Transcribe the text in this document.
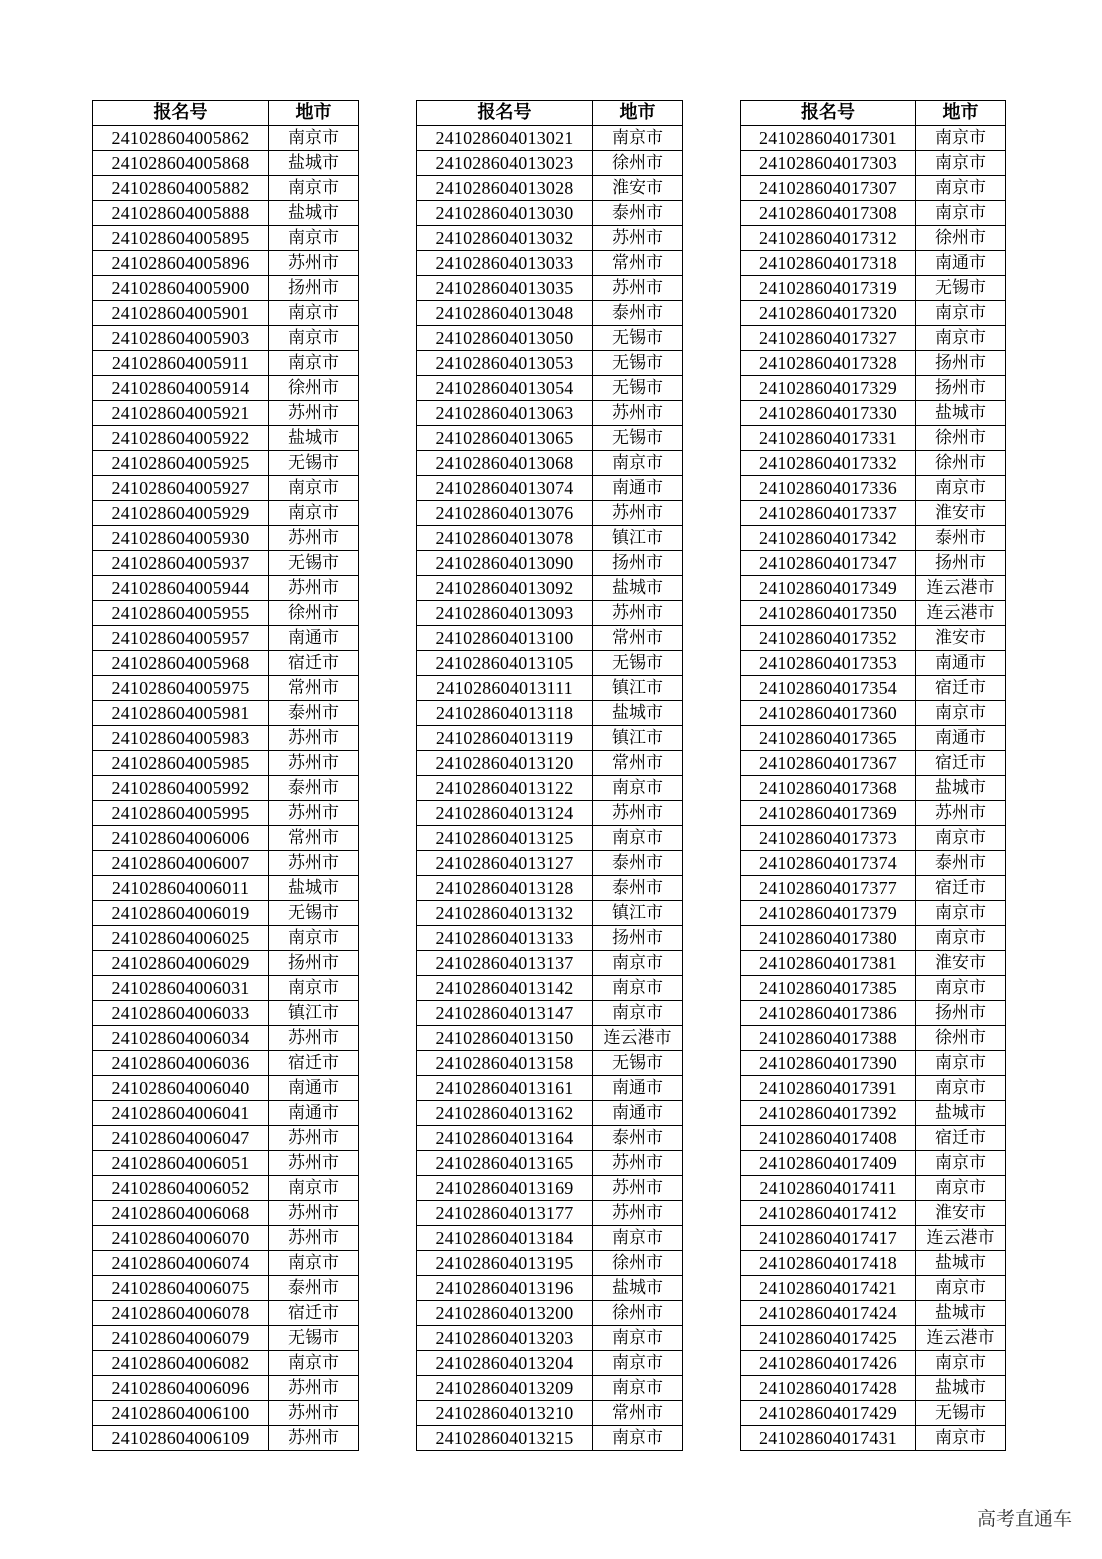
报名号	地市
241028604005862	南京市
241028604005868	盐城市
241028604005882	南京市
241028604005888	盐城市
241028604005895	南京市
241028604005896	苏州市
241028604005900	扬州市
241028604005901	南京市
241028604005903	南京市
241028604005911	南京市
241028604005914	徐州市
241028604005921	苏州市
241028604005922	盐城市
241028604005925	无锡市
241028604005927	南京市
241028604005929	南京市
241028604005930	苏州市
241028604005937	无锡市
241028604005944	苏州市
241028604005955	徐州市
241028604005957	南通市
241028604005968	宿迁市
241028604005975	常州市
241028604005981	泰州市
241028604005983	苏州市
241028604005985	苏州市
241028604005992	泰州市
241028604005995	苏州市
241028604006006	常州市
241028604006007	苏州市
241028604006011	盐城市
241028604006019	无锡市
241028604006025	南京市
241028604006029	扬州市
241028604006031	南京市
241028604006033	镇江市
241028604006034	苏州市
241028604006036	宿迁市
241028604006040	南通市
241028604006041	南通市
241028604006047	苏州市
241028604006051	苏州市
241028604006052	南京市
241028604006068	苏州市
241028604006070	苏州市
241028604006074	南京市
241028604006075	泰州市
241028604006078	宿迁市
241028604006079	无锡市
241028604006082	南京市
241028604006096	苏州市
241028604006100	苏州市
241028604006109	苏州市
报名号	地市
241028604013021	南京市
241028604013023	徐州市
241028604013028	淮安市
241028604013030	泰州市
241028604013032	苏州市
241028604013033	常州市
241028604013035	苏州市
241028604013048	泰州市
241028604013050	无锡市
241028604013053	无锡市
241028604013054	无锡市
241028604013063	苏州市
241028604013065	无锡市
241028604013068	南京市
241028604013074	南通市
241028604013076	苏州市
241028604013078	镇江市
241028604013090	扬州市
241028604013092	盐城市
241028604013093	苏州市
241028604013100	常州市
241028604013105	无锡市
241028604013111	镇江市
241028604013118	盐城市
241028604013119	镇江市
241028604013120	常州市
241028604013122	南京市
241028604013124	苏州市
241028604013125	南京市
241028604013127	泰州市
241028604013128	泰州市
241028604013132	镇江市
241028604013133	扬州市
241028604013137	南京市
241028604013142	南京市
241028604013147	南京市
241028604013150	连云港市
241028604013158	无锡市
241028604013161	南通市
241028604013162	南通市
241028604013164	泰州市
241028604013165	苏州市
241028604013169	苏州市
241028604013177	苏州市
241028604013184	南京市
241028604013195	徐州市
241028604013196	盐城市
241028604013200	徐州市
241028604013203	南京市
241028604013204	南京市
241028604013209	南京市
241028604013210	常州市
241028604013215	南京市
报名号	地市
241028604017301	南京市
241028604017303	南京市
241028604017307	南京市
241028604017308	南京市
241028604017312	徐州市
241028604017318	南通市
241028604017319	无锡市
241028604017320	南京市
241028604017327	南京市
241028604017328	扬州市
241028604017329	扬州市
241028604017330	盐城市
241028604017331	徐州市
241028604017332	徐州市
241028604017336	南京市
241028604017337	淮安市
241028604017342	泰州市
241028604017347	扬州市
241028604017349	连云港市
241028604017350	连云港市
241028604017352	淮安市
241028604017353	南通市
241028604017354	宿迁市
241028604017360	南京市
241028604017365	南通市
241028604017367	宿迁市
241028604017368	盐城市
241028604017369	苏州市
241028604017373	南京市
241028604017374	泰州市
241028604017377	宿迁市
241028604017379	南京市
241028604017380	南京市
241028604017381	淮安市
241028604017385	南京市
241028604017386	扬州市
241028604017388	徐州市
241028604017390	南京市
241028604017391	南京市
241028604017392	盐城市
241028604017408	宿迁市
241028604017409	南京市
241028604017411	南京市
241028604017412	淮安市
241028604017417	连云港市
241028604017418	盐城市
241028604017421	南京市
241028604017424	盐城市
241028604017425	连云港市
241028604017426	南京市
241028604017428	盐城市
241028604017429	无锡市
241028604017431	南京市
高考直通车
